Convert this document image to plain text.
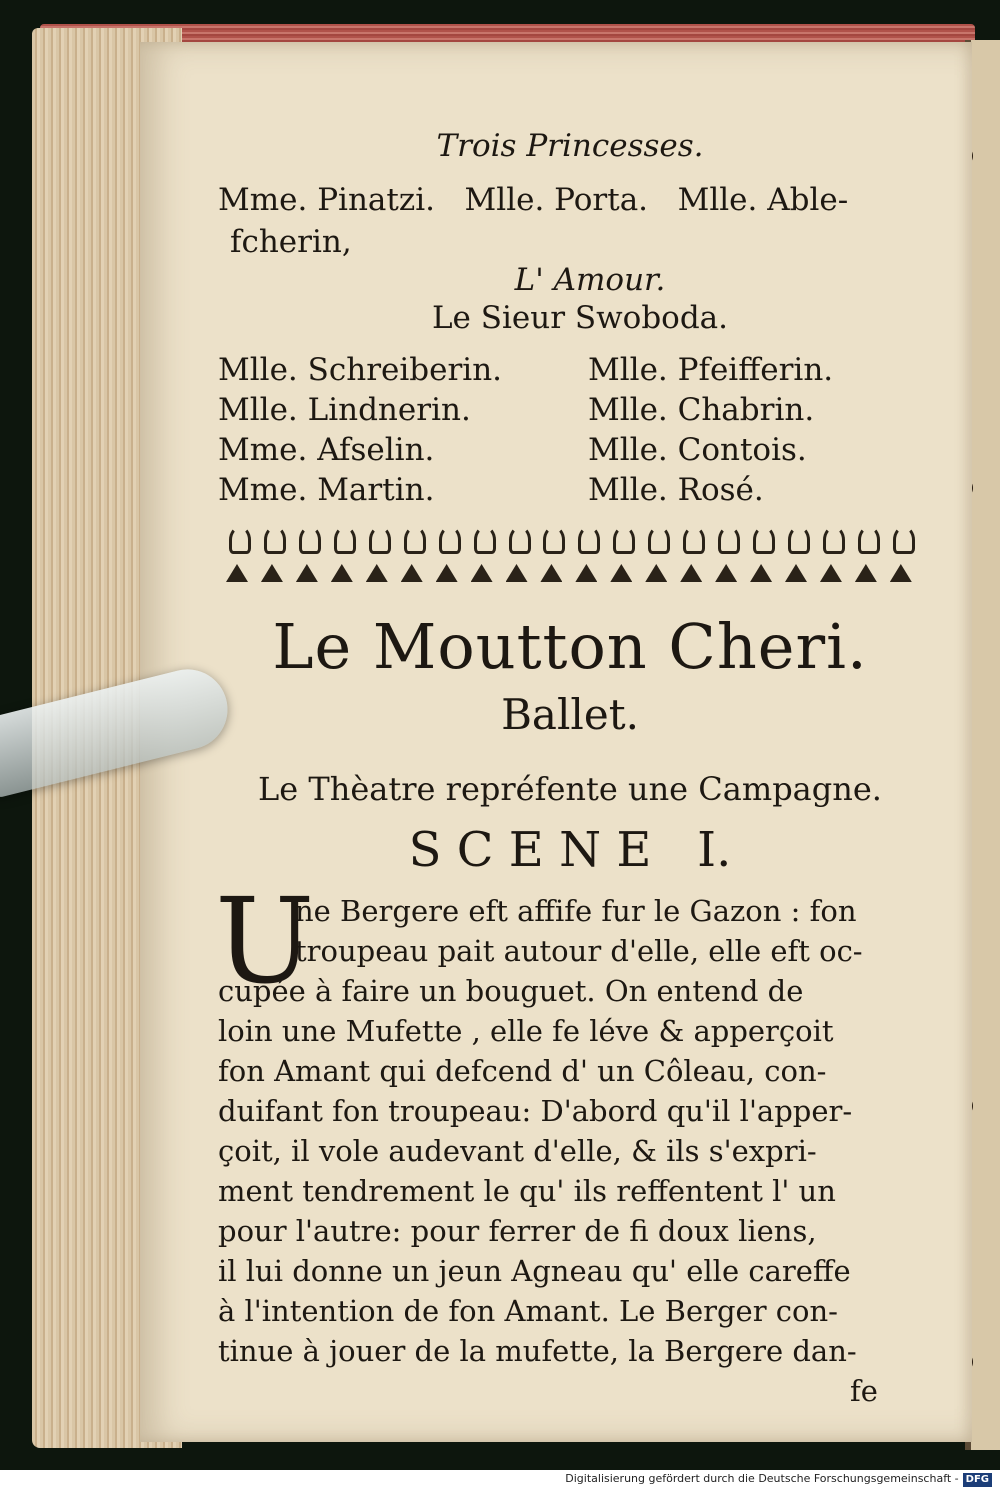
Trois Princesses.
Mme. Pinatzi.   Mlle. Porta.   Mlle. Able-
fcherin,
L' Amour.
Le Sieur Swoboda.
Mlle. Schreiberin.	Mlle. Pfeifferin.
Mlle. Lindnerin.	Mlle. Chabrin.
Mme. Afselin.	Mlle. Contois.
Mme. Martin.	Mlle. Rosé.
Le Moutton Cheri.
Ballet.
Le Thèatre repréfente une Campagne.
S C E N E   I.
U
ne Bergere eft affife fur le Gazon : fon
troupeau pait autour d'elle, elle eft oc-
cupée à faire un bouguet. On entend de
loin une Mufette , elle fe léve & apperçoit
fon Amant qui defcend d' un Côleau, con-
duifant fon troupeau: D'abord qu'il l'apper-
çoit, il vole audevant d'elle, & ils s'expri-
ment tendrement le qu' ils reffentent l' un
pour l'autre: pour ferrer de fi doux liens,
il lui donne un jeun Agneau qu' elle careffe
à l'intention de fon Amant. Le Berger con-
tinue à jouer de la mufette, la Bergere dan-
fe
Digitalisierung gefördert durch die Deutsche Forschungsgemeinschaft - DFG
